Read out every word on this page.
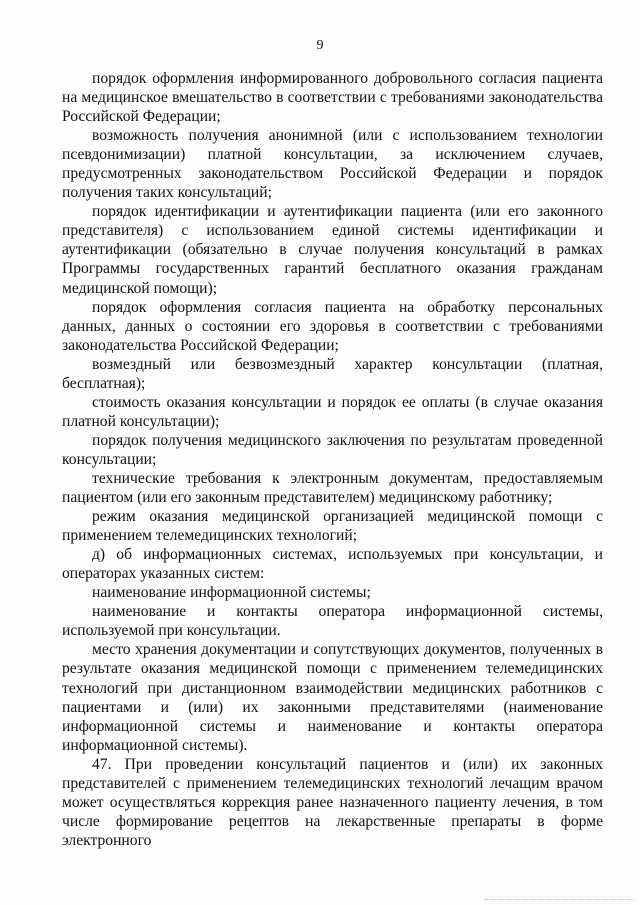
9

порядок оформления информированного добровольного согласия пациента на медицинское вмешательство в соответствии с требованиями законодательства Российской Федерации;

возможность получения анонимной (или с использованием технологии псевдонимизации) платной консультации, за исключением случаев, предусмотренных законодательством Российской Федерации и порядок получения таких консультаций;

порядок идентификации и аутентификации пациента (или его законного представителя) с использованием единой системы идентификации и аутентификации (обязательно в случае получения консультаций в рамках Программы государственных гарантий бесплатного оказания гражданам медицинской помощи);

порядок оформления согласия пациента на обработку персональных данных, данных о состоянии его здоровья в соответствии с требованиями законодательства Российской Федерации;

возмездный или безвозмездный характер консультации (платная, бесплатная);

стоимость оказания консультации и порядок ее оплаты (в случае оказания платной консультации);

порядок получения медицинского заключения по результатам проведенной консультации;

технические требования к электронным документам, предоставляемым пациентом (или его законным представителем) медицинскому работнику;

режим оказания медицинской организацией медицинской помощи с применением телемедицинских технологий;

д) об информационных системах, используемых при консультации, и операторах указанных систем:

наименование информационной системы;

наименование и контакты оператора информационной системы, используемой при консультации.

место хранения документации и сопутствующих документов, полученных в результате оказания медицинской помощи с применением телемедицинских технологий при дистанционном взаимодействии медицинских работников с пациентами и (или) их законными представителями (наименование информационной системы и наименование и контакты оператора информационной системы).

47. При проведении консультаций пациентов и (или) их законных представителей с применением телемедицинских технологий лечащим врачом может осуществляться коррекция ранее назначенного пациенту лечения, в том числе формирование рецептов на лекарственные препараты в форме электронного
